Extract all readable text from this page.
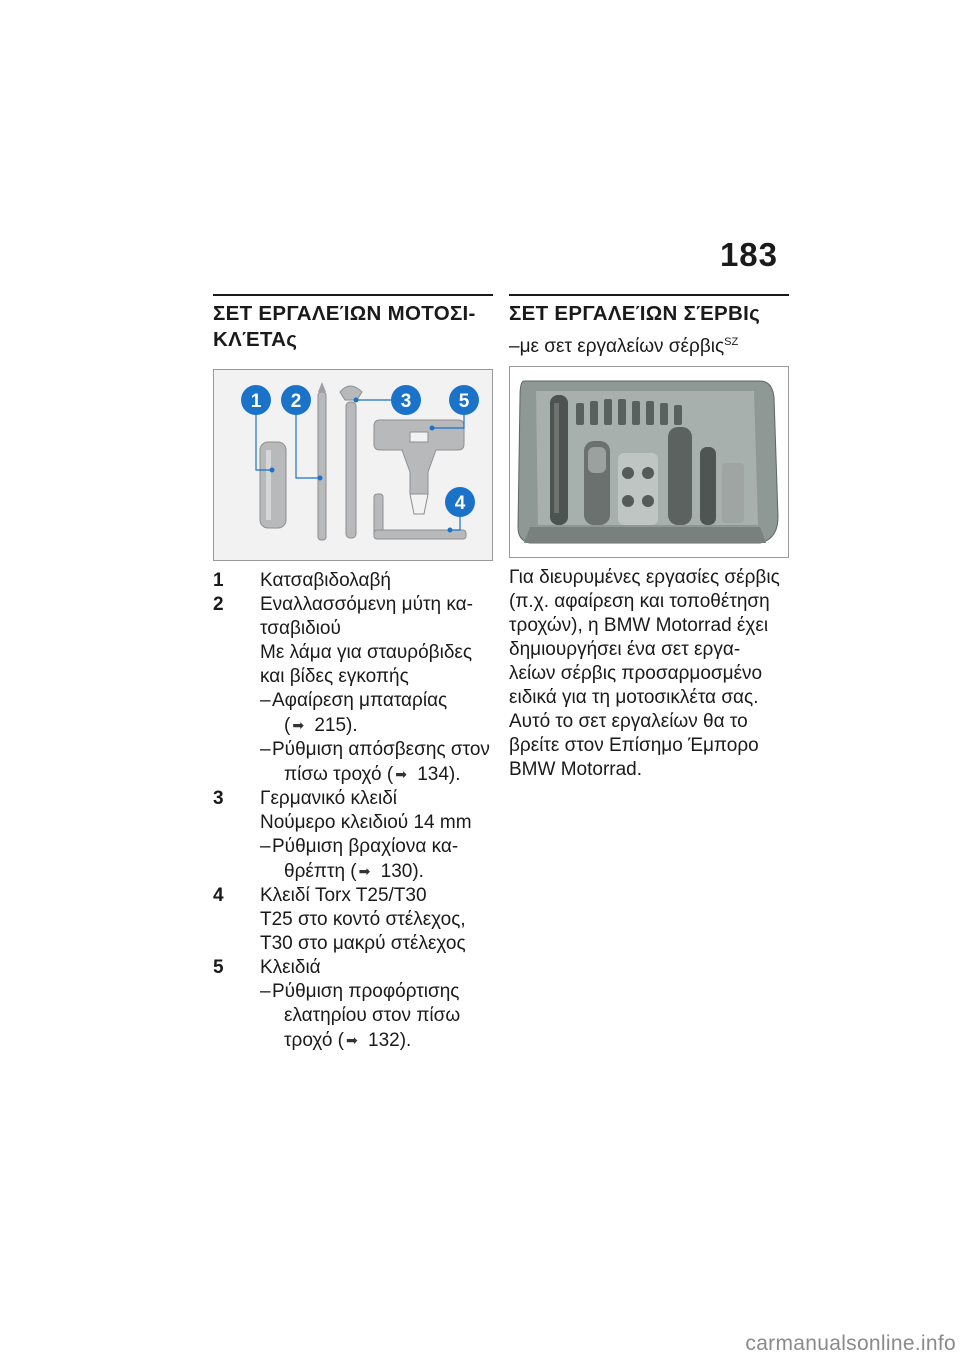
183
ΣΕΤ ΕΡΓΑΛΕΊΩΝ ΜΟΤΟΣΙ-
ΚΛΈΤΑς
1 2	3 5
4
1 Κατσαβιδολαβή
2 Εναλλασσόμενη μύτη κα-
τσαβιδιού
Με λάμα για σταυρόβιδες
και βίδες εγκοπής
– Αφαίρεση μπαταρίας
( ➡ 215).
– Ρύθμιση απόσβεσης στον
πίσω τροχό ( ➡ 134).
3 Γερμανικό κλειδί
Νούμερο κλειδιού 14 mm
– Ρύθμιση βραχίονα κα-
θρέπτη ( ➡ 130).
4 Κλειδί Torx T25/T30
T25 στο κοντό στέλεχος,
T30 στο μακρύ στέλεχος
5 Κλειδιά
– Ρύθμιση προφόρτισης
ελατηρίου στον πίσω
τροχό ( ➡ 132).
ΣΕΤ ΕΡΓΑΛΕΊΩΝ ΣΈΡΒΙς
–με σετ εργαλείων σέρβις$^{SZ}$
Για διευρυμένες εργασίες σέρβις
(π.χ. αφαίρεση και τοποθέτηση
τροχών), η BMW Motorrad έχει
δημιουργήσει ένα σετ εργα-
λείων σέρβις προσαρμοσμένο
ειδικά για τη μοτοσικλέτα σας.
Αυτό το σετ εργαλείων θα το
βρείτε στον Επίσημο Έμπορο
BMW Motorrad.
carmanualsonline.info
